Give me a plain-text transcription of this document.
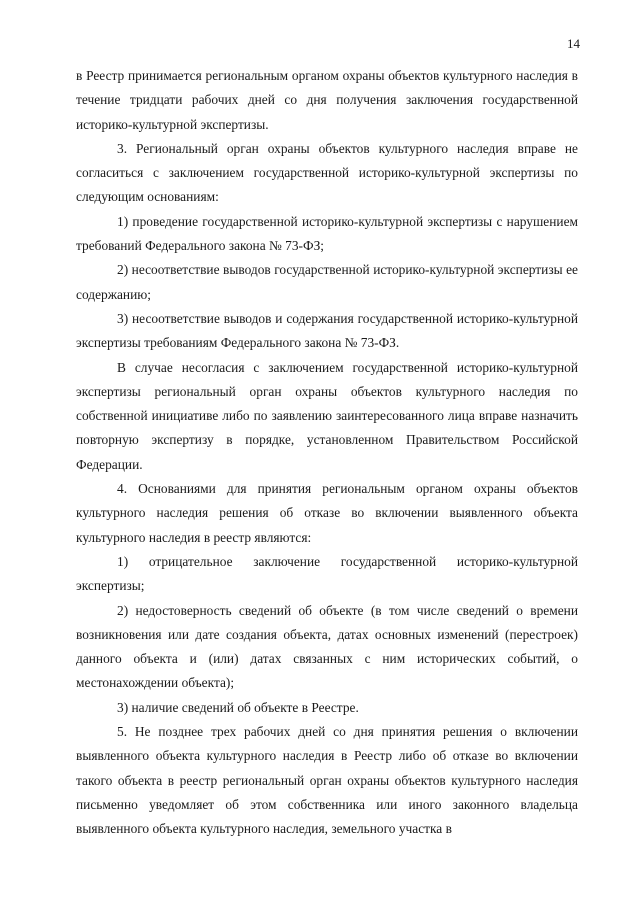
14

в Реестр принимается региональным органом охраны объектов культурного наследия в течение тридцати рабочих дней со дня получения заключения государственной историко-культурной экспертизы.

3. Региональный орган охраны объектов культурного наследия вправе не согласиться с заключением государственной историко-культурной экспертизы по следующим основаниям:

1) проведение государственной историко-культурной экспертизы с нарушением требований Федерального закона № 73-ФЗ;

2) несоответствие выводов государственной историко-культурной экспертизы ее содержанию;

3) несоответствие выводов и содержания государственной историко-культурной экспертизы требованиям Федерального закона № 73-ФЗ.

В случае несогласия с заключением государственной историко-культурной экспертизы региональный орган охраны объектов культурного наследия по собственной инициативе либо по заявлению заинтересованного лица вправе назначить повторную экспертизу в порядке, установленном Правительством Российской Федерации.

4. Основаниями для принятия региональным органом охраны объектов культурного наследия решения об отказе во включении выявленного объекта культурного наследия в реестр являются:

1) отрицательное заключение государственной историко-культурной экспертизы;

2) недостоверность сведений об объекте (в том числе сведений о времени возникновения или дате создания объекта, датах основных изменений (перестроек) данного объекта и (или) датах связанных с ним исторических событий, о местонахождении объекта);

3) наличие сведений об объекте в Реестре.

5. Не позднее трех рабочих дней со дня принятия решения о включении выявленного объекта культурного наследия в Реестр либо об отказе во включении такого объекта в реестр региональный орган охраны объектов культурного наследия письменно уведомляет об этом собственника или иного законного владельца выявленного объекта культурного наследия, земельного участка в
